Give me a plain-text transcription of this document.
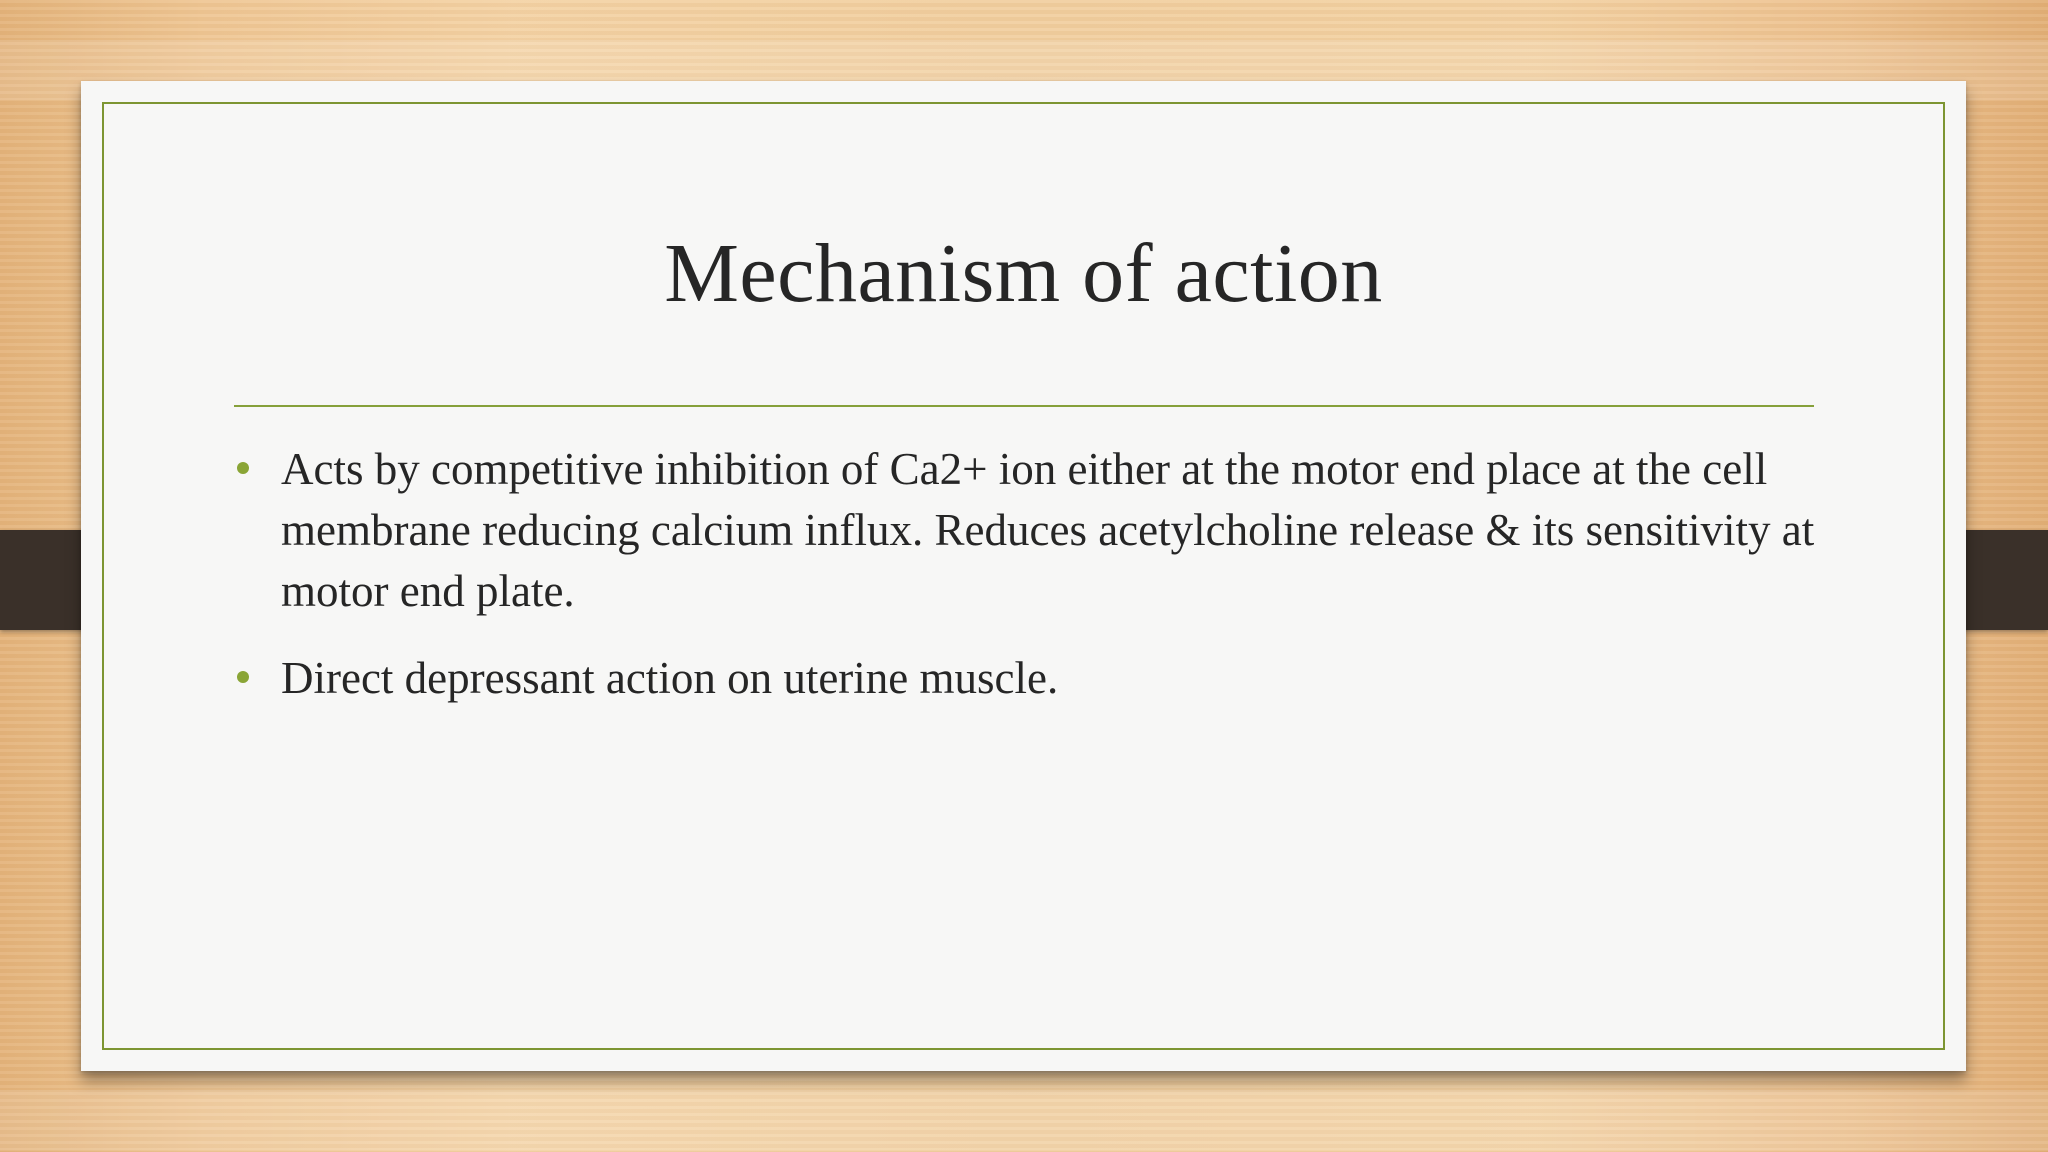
Mechanism of action
Acts by competitive inhibition of Ca2+ ion either at the motor end place at the cell membrane reducing calcium influx. Reduces acetylcholine release & its sensitivity at motor end plate.
Direct depressant action on uterine muscle.
